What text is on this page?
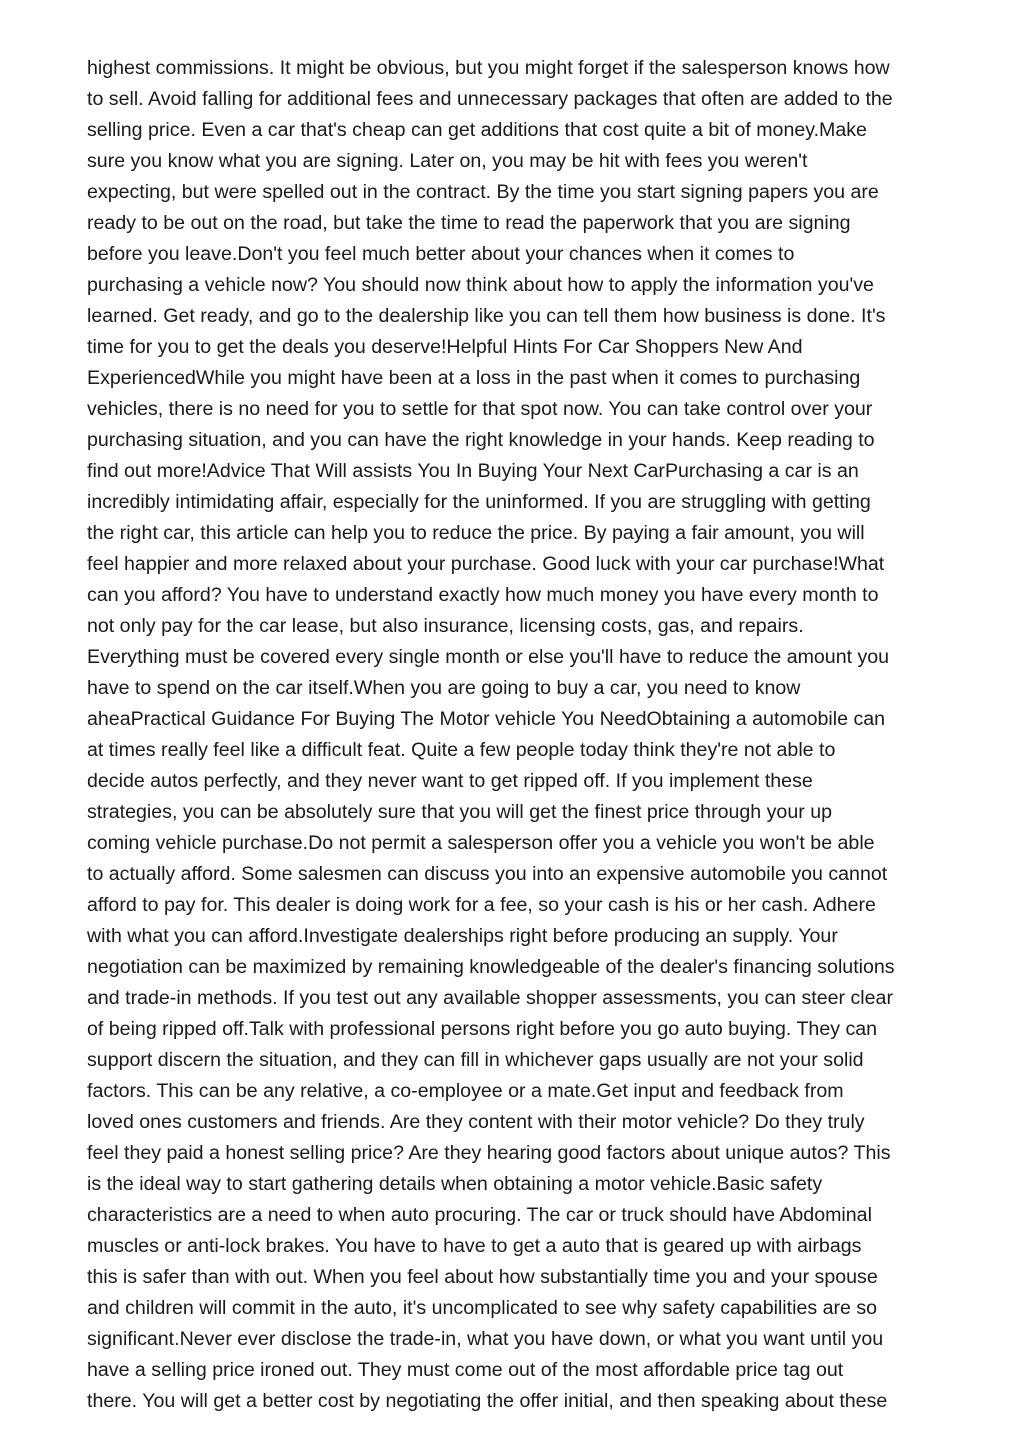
highest commissions. It might be obvious, but you might forget if the salesperson knows how
to sell. Avoid falling for additional fees and unnecessary packages that often are added to the
selling price. Even a car that's cheap can get additions that cost quite a bit of money.Make
sure you know what you are signing. Later on, you may be hit with fees you weren't
expecting, but were spelled out in the contract. By the time you start signing papers you are
ready to be out on the road, but take the time to read the paperwork that you are signing
before you leave.Don't you feel much better about your chances when it comes to
purchasing a vehicle now? You should now think about how to apply the information you've
learned. Get ready, and go to the dealership like you can tell them how business is done. It's
time for you to get the deals you deserve!Helpful Hints For Car Shoppers New And
ExperiencedWhile you might have been at a loss in the past when it comes to purchasing
vehicles, there is no need for you to settle for that spot now. You can take control over your
purchasing situation, and you can have the right knowledge in your hands. Keep reading to
find out more!Advice That Will assists You In Buying Your Next CarPurchasing a car is an
incredibly intimidating affair, especially for the uninformed. If you are struggling with getting
the right car, this article can help you to reduce the price. By paying a fair amount, you will
feel happier and more relaxed about your purchase. Good luck with your car purchase!What
can you afford? You have to understand exactly how much money you have every month to
not only pay for the car lease, but also insurance, licensing costs, gas, and repairs.
Everything must be covered every single month or else you'll have to reduce the amount you
have to spend on the car itself.When you are going to buy a car, you need to know
aheaPractical Guidance For Buying The Motor vehicle You NeedObtaining a automobile can
at times really feel like a difficult feat. Quite a few people today think they're not able to
decide autos perfectly, and they never want to get ripped off. If you implement these
strategies, you can be absolutely sure that you will get the finest price through your up
coming vehicle purchase.Do not permit a salesperson offer you a vehicle you won't be able
to actually afford. Some salesmen can discuss you into an expensive automobile you cannot
afford to pay for. This dealer is doing work for a fee, so your cash is his or her cash. Adhere
with what you can afford.Investigate dealerships right before producing an supply. Your
negotiation can be maximized by remaining knowledgeable of the dealer's financing solutions
and trade-in methods. If you test out any available shopper assessments, you can steer clear
of being ripped off.Talk with professional persons right before you go auto buying. They can
support discern the situation, and they can fill in whichever gaps usually are not your solid
factors. This can be any relative, a co-employee or a mate.Get input and feedback from
loved ones customers and friends. Are they content with their motor vehicle? Do they truly
feel they paid a honest selling price? Are they hearing good factors about unique autos? This
is the ideal way to start gathering details when obtaining a motor vehicle.Basic safety
characteristics are a need to when auto procuring. The car or truck should have Abdominal
muscles or anti-lock brakes. You have to have to get a auto that is geared up with airbags
this is safer than with out. When you feel about how substantially time you and your spouse
and children will commit in the auto, it's uncomplicated to see why safety capabilities are so
significant.Never ever disclose the trade-in, what you have down, or what you want until you
have a selling price ironed out. They must come out of the most affordable price tag out
there. You will get a better cost by negotiating the offer initial, and then speaking about these
